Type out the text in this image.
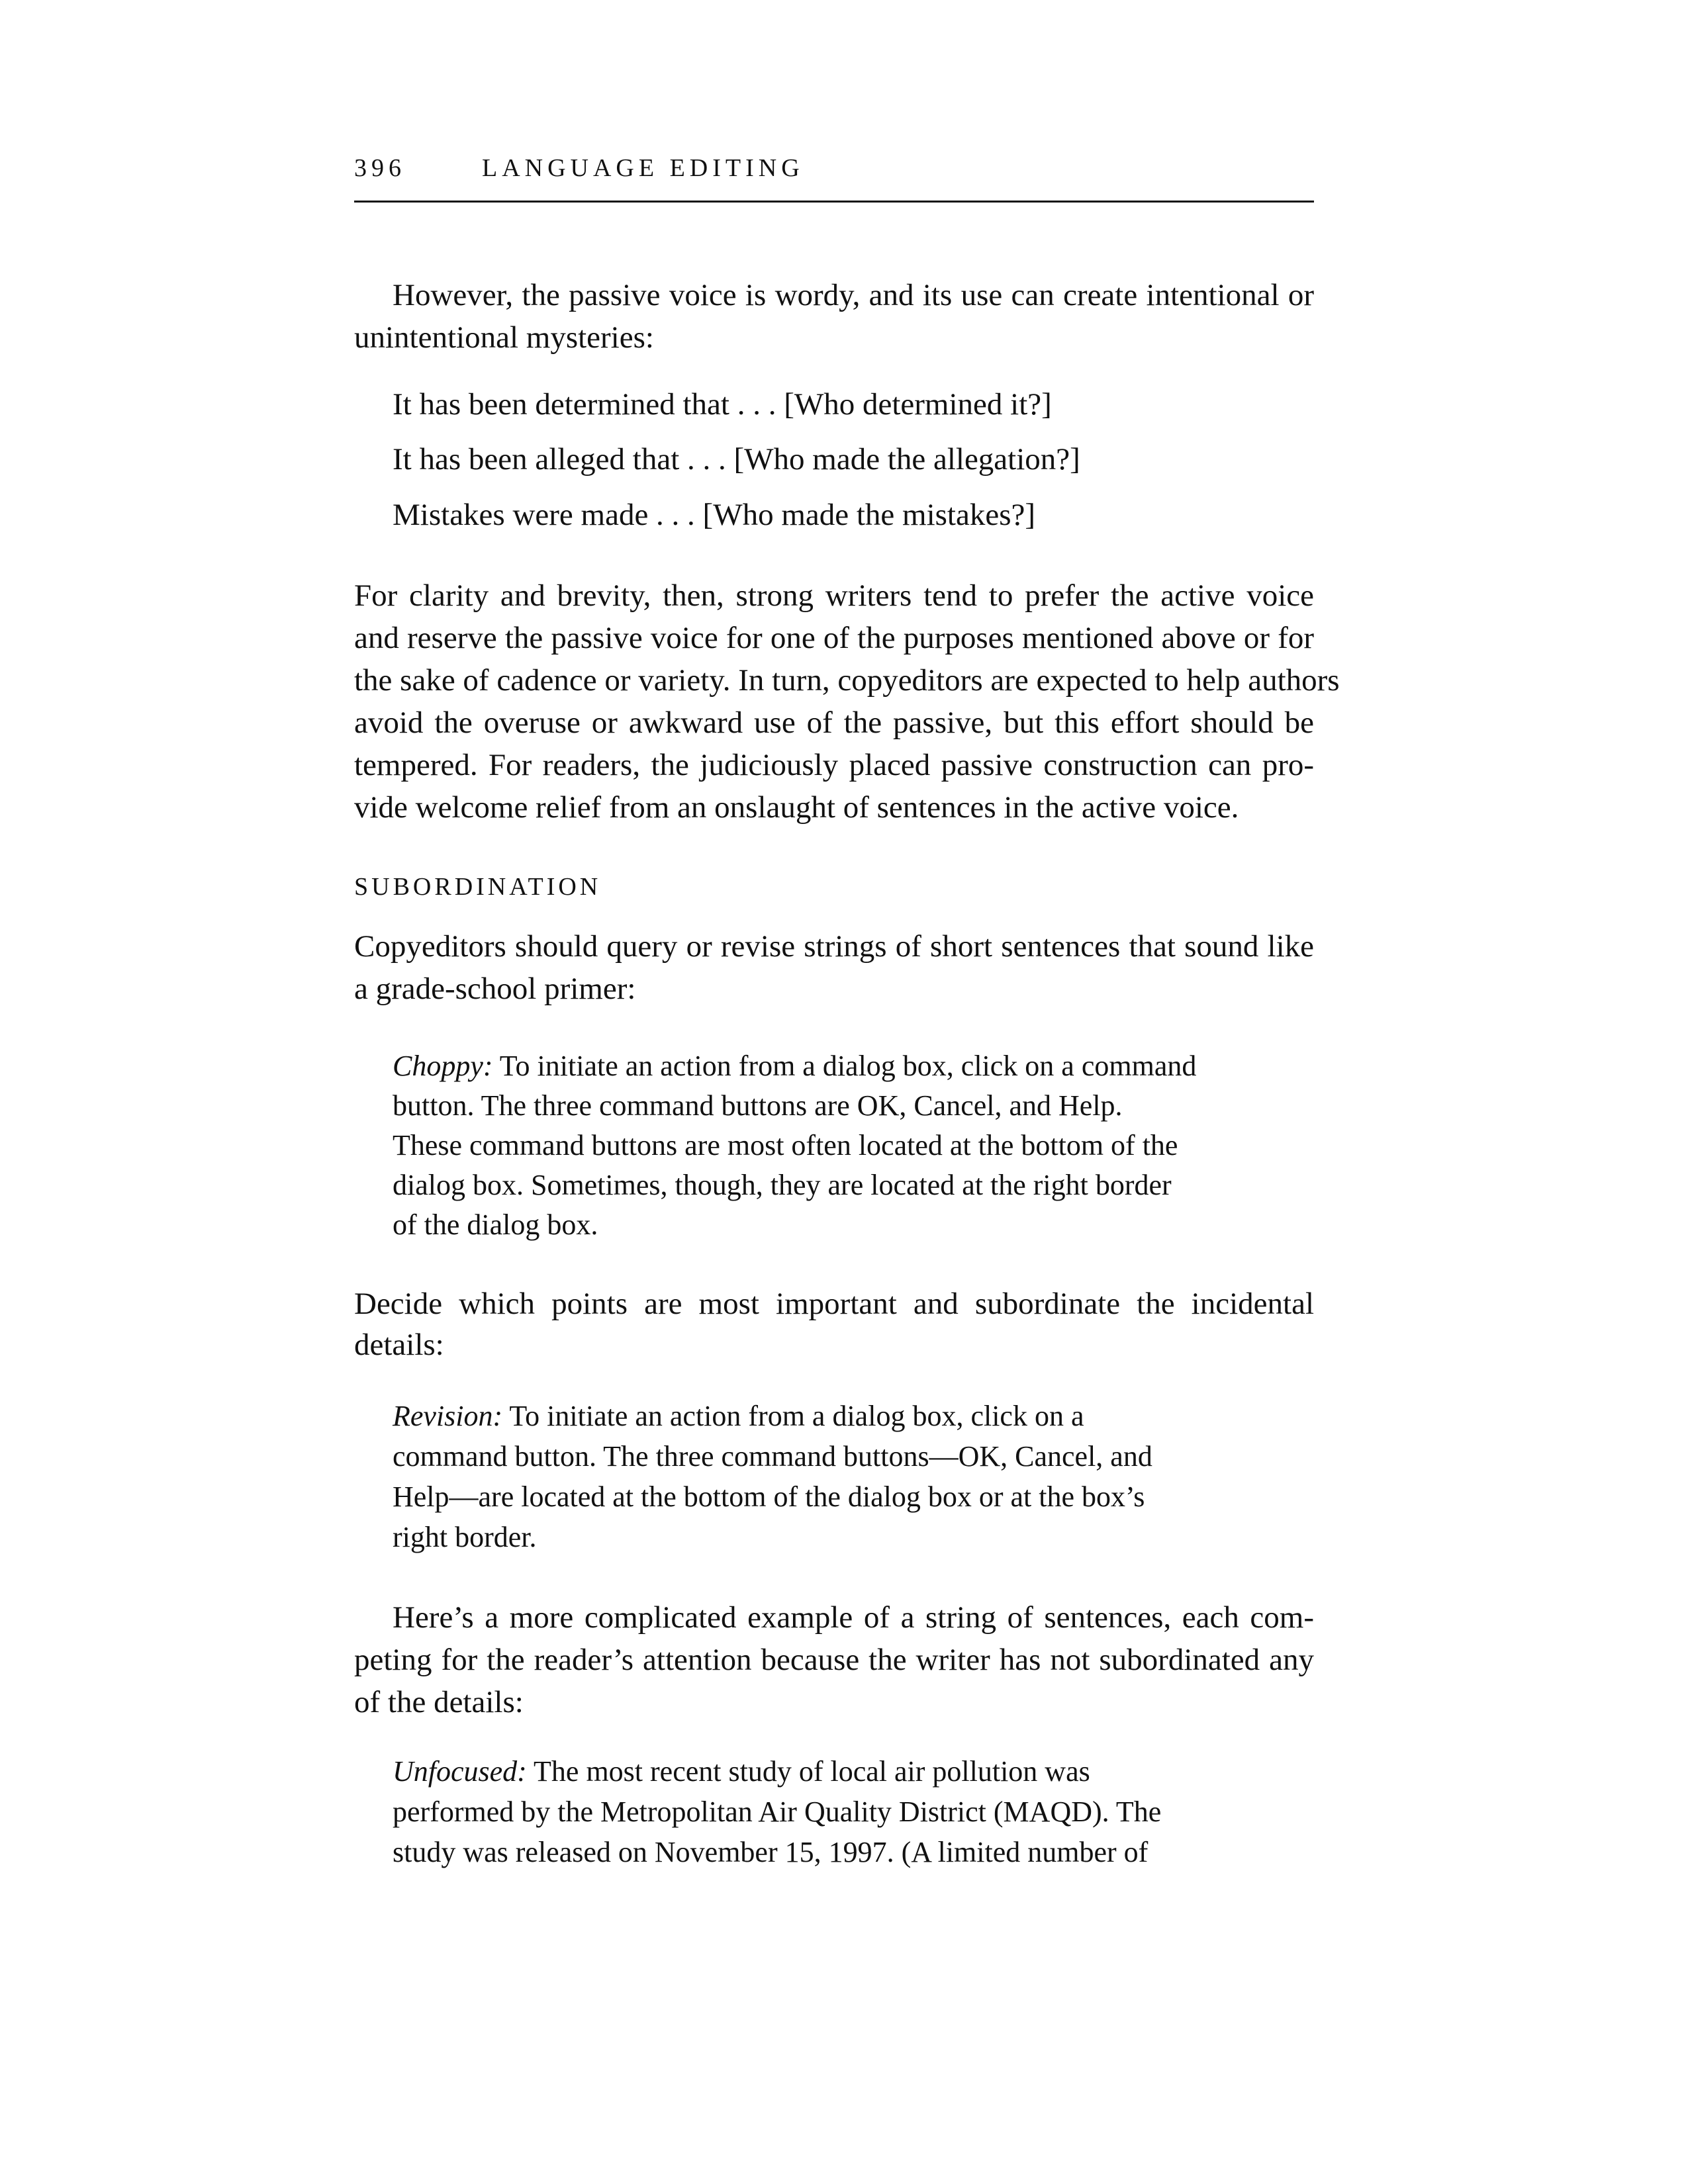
396	LANGUAGE EDITING
However, the passive voice is wordy, and its use can create intentional or
unintentional mysteries:
It has been determined that . . . [Who determined it?]
It has been alleged that . . . [Who made the allegation?]
Mistakes were made . . . [Who made the mistakes?]
For clarity and brevity, then, strong writers tend to prefer the active voice
and reserve the passive voice for one of the purposes mentioned above or for
the sake of cadence or variety. In turn, copyeditors are expected to help authors
avoid the overuse or awkward use of the passive, but this effort should be
tempered. For readers, the judiciously placed passive construction can pro-
vide welcome relief from an onslaught of sentences in the active voice.
SUBORDINATION
Copyeditors should query or revise strings of short sentences that sound like
a grade-school primer:
Choppy: To initiate an action from a dialog box, click on a command
button. The three command buttons are OK, Cancel, and Help.
These command buttons are most often located at the bottom of the
dialog box. Sometimes, though, they are located at the right border
of the dialog box.
Decide which points are most important and subordinate the incidental
details:
Revision: To initiate an action from a dialog box, click on a
command button. The three command buttons—OK, Cancel, and
Help—are located at the bottom of the dialog box or at the box’s
right border.
Here’s a more complicated example of a string of sentences, each com-
peting for the reader’s attention because the writer has not subordinated any
of the details:
Unfocused: The most recent study of local air pollution was
performed by the Metropolitan Air Quality District (MAQD). The
study was released on November 15, 1997. (A limited number of
